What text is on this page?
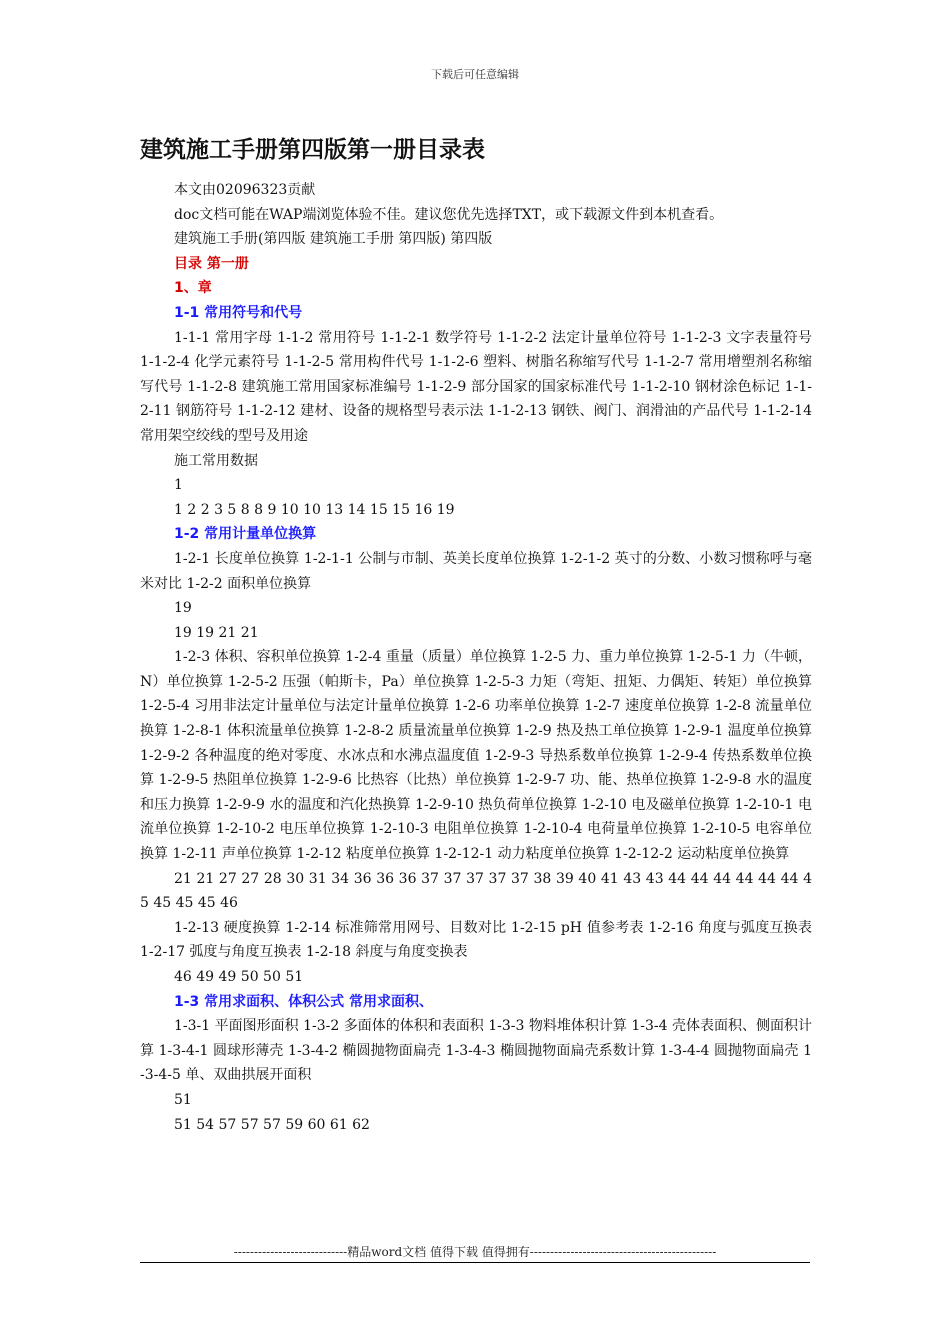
下载后可任意编辑
建筑施工手册第四版第一册目录表

本文由02096323贡献

doc文档可能在WAP端浏览体验不佳。建议您优先选择TXT，或下载源文件到本机查看。

建筑施工手册(第四版 建筑施工手册 第四版) 第四版

目录 第一册

1、章

1-1 常用符号和代号

1-1-1 常用字母 1-1-2 常用符号 1-1-2-1 数学符号 1-1-2-2 法定计量单位符号 1-1-2-3 文字表量符号 1-1-2-4 化学元素符号 1-1-2-5 常用构件代号 1-1-2-6 塑料、树脂名称缩写代号 1-1-2-7 常用增塑剂名称缩写代号 1-1-2-8 建筑施工常用国家标准编号 1-1-2-9 部分国家的国家标准代号 1-1-2-10 钢材涂色标记 1-1-2-11 钢筋符号 1-1-2-12 建材、设备的规格型号表示法 1-1-2-13 钢铁、阀门、润滑油的产品代号 1-1-2-14 常用架空绞线的型号及用途

施工常用数据

1

1 2 2 3 5 8 8 9 10 10 13 14 15 15 16 19

1-2 常用计量单位换算

1-2-1 长度单位换算 1-2-1-1 公制与市制、英美长度单位换算 1-2-1-2 英寸的分数、小数习惯称呼与毫米对比 1-2-2 面积单位换算

19

19 19 21 21

1-2-3 体积、容积单位换算 1-2-4 重量（质量）单位换算 1-2-5 力、重力单位换算 1-2-5-1 力（牛顿，N）单位换算 1-2-5-2 压强（帕斯卡，Pa）单位换算 1-2-5-3 力矩（弯矩、扭矩、力偶矩、转矩）单位换算 1-2-5-4 习用非法定计量单位与法定计量单位换算 1-2-6 功率单位换算 1-2-7 速度单位换算 1-2-8 流量单位换算 1-2-8-1 体积流量单位换算 1-2-8-2 质量流量单位换算 1-2-9 热及热工单位换算 1-2-9-1 温度单位换算 1-2-9-2 各种温度的绝对零度、水冰点和水沸点温度值 1-2-9-3 导热系数单位换算 1-2-9-4 传热系数单位换算 1-2-9-5 热阻单位换算 1-2-9-6 比热容（比热）单位换算 1-2-9-7 功、能、热单位换算 1-2-9-8 水的温度和压力换算 1-2-9-9 水的温度和汽化热换算 1-2-9-10 热负荷单位换算 1-2-10 电及磁单位换算 1-2-10-1 电流单位换算 1-2-10-2 电压单位换算 1-2-10-3 电阻单位换算 1-2-10-4 电荷量单位换算 1-2-10-5 电容单位换算 1-2-11 声单位换算 1-2-12 粘度单位换算 1-2-12-1 动力粘度单位换算 1-2-12-2 运动粘度单位换算

21 21 27 27 28 30 31 34 36 36 36 37 37 37 37 37 38 39 40 41 43 43 44 44 44 44 44 44 45 45 45 45 46

1-2-13 硬度换算 1-2-14 标准筛常用网号、目数对比 1-2-15 pH 值参考表 1-2-16 角度与弧度互换表 1-2-17 弧度与角度互换表 1-2-18 斜度与角度变换表

46 49 49 50 50 51

1-3 常用求面积、体积公式 常用求面积、

1-3-1 平面图形面积 1-3-2 多面体的体积和表面积 1-3-3 物料堆体积计算 1-3-4 壳体表面积、侧面积计算 1-3-4-1 圆球形薄壳 1-3-4-2 椭圆抛物面扁壳 1-3-4-3 椭圆抛物面扁壳系数计算 1-3-4-4 圆抛物面扁壳 1-3-4-5 单、双曲拱展开面积

51

51 54 57 57 57 59 60 61 62

----------------------------精品word文档 值得下载 值得拥有----------------------------------------------
